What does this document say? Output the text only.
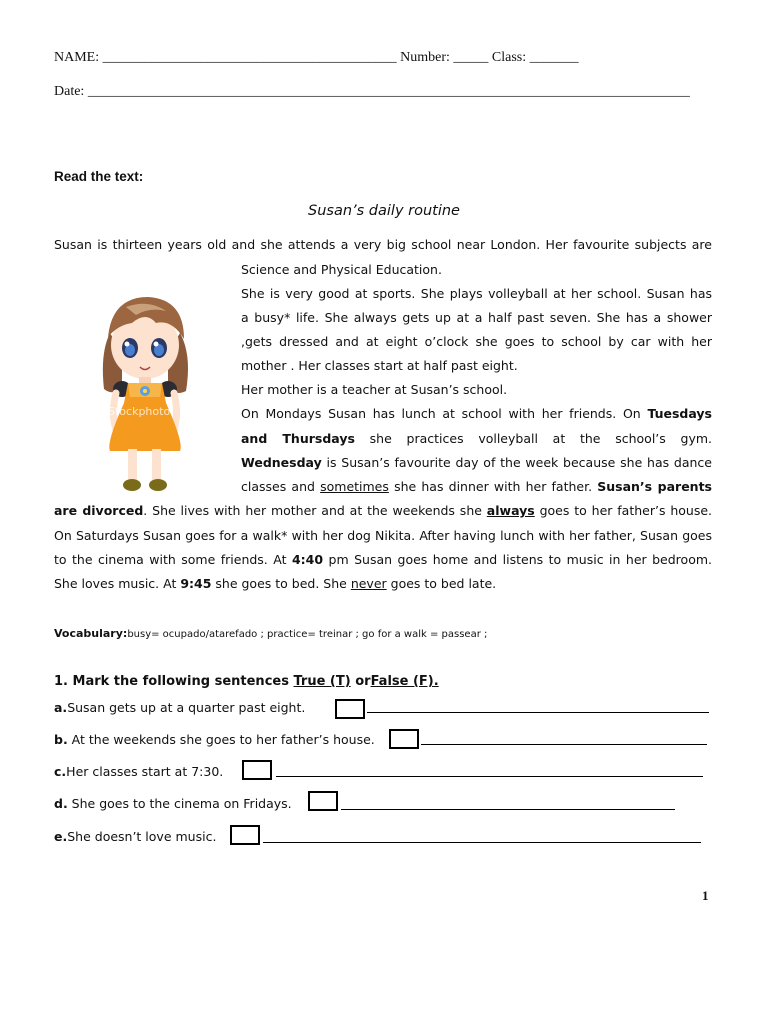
NAME: __________________________________________ Number: _____ Class: _______
Date: ______________________________________________________________________________________
Read the text:
Susan’s daily routine
Susan is thirteen years old and she attends a very big school near London. Her favourite subjects are
Science and Physical Education.
She is very good at sports. She plays volleyball at her school. Susan has
a busy* life. She always gets up at a half past seven. She has a shower
,gets dressed and at eight o’clock she goes to school by car with her
mother . Her classes start at half past eight.
Her mother is a teacher at Susan’s school.
On Mondays Susan has lunch at school with her friends. On Tuesdays
and Thursdays she practices volleyball at the school’s gym.
Wednesday is Susan’s favourite day of the week because she has dance
classes and sometimes she has dinner with her father. Susan’s parents
are divorced. She lives with her mother and at the weekends she always goes to her father’s house.
On Saturdays Susan goes for a walk* with her dog Nikita. After having lunch with her father, Susan goes
to the cinema with some friends. At 4:40 pm Susan goes home and listens to music in her bedroom.
She loves music. At 9:45 she goes to bed. She never goes to bed late.
Stockphoto
Vocabulary:busy= ocupado/atarefado ; practice= treinar ; go for a walk = passear ;
1. Mark the following sentences True (T) orFalse (F).
a.Susan gets up at a quarter past eight.
b. At the weekends she goes to her father’s house.
c.Her classes start at 7:30.
d. She goes to the cinema on Fridays.
e.She doesn’t love music.
1
